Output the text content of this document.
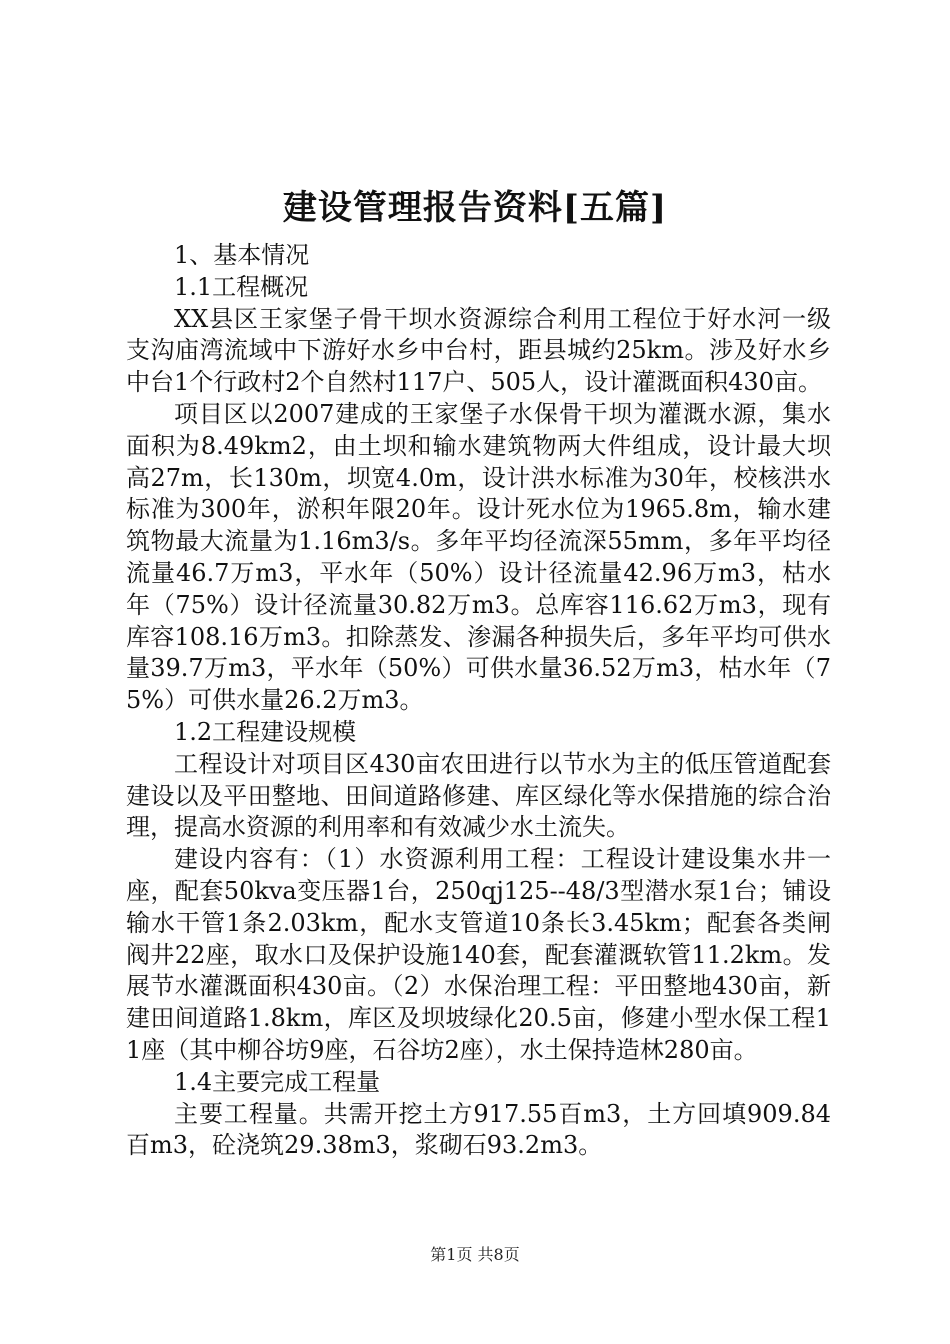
建设管理报告资料[五篇]

1、基本情况

1.1工程概况

XX县区王家堡子骨干坝水资源综合利用工程位于好水河一级支沟庙湾流域中下游好水乡中台村，距县城约25km。涉及好水乡中台1个行政村2个自然村117户、505人，设计灌溉面积430亩。

项目区以2007建成的王家堡子水保骨干坝为灌溉水源，集水面积为8.49km2，由土坝和输水建筑物两大件组成，设计最大坝高27m，长130m，坝宽4.0m，设计洪水标准为30年，校核洪水标准为300年，淤积年限20年。设计死水位为1965.8m，输水建筑物最大流量为1.16m3/s。多年平均径流深55mm，多年平均径流量46.7万m3，平水年（50%）设计径流量42.96万m3，枯水年（75%）设计径流量30.82万m3。总库容116.62万m3，现有库容108.16万m3。扣除蒸发、渗漏各种损失后，多年平均可供水量39.7万m3，平水年（50%）可供水量36.52万m3，枯水年（75%）可供水量26.2万m3。

1.2工程建设规模

工程设计对项目区430亩农田进行以节水为主的低压管道配套建设以及平田整地、田间道路修建、库区绿化等水保措施的综合治理，提高水资源的利用率和有效减少水土流失。

建设内容有：（1）水资源利用工程：工程设计建设集水井一座，配套50kva变压器1台，250qj125--48/3型潜水泵1台；铺设输水干管1条2.03km，配水支管道10条长3.45km；配套各类闸阀井22座，取水口及保护设施140套，配套灌溉软管11.2km。发展节水灌溉面积430亩。（2）水保治理工程：平田整地430亩，新建田间道路1.8km，库区及坝坡绿化20.5亩，修建小型水保工程11座（其中柳谷坊9座，石谷坊2座），水土保持造林280亩。

1.4主要完成工程量

主要工程量。共需开挖土方917.55百m3，土方回填909.84百m3，砼浇筑29.38m3，浆砌石93.2m3。

第1页 共8页
